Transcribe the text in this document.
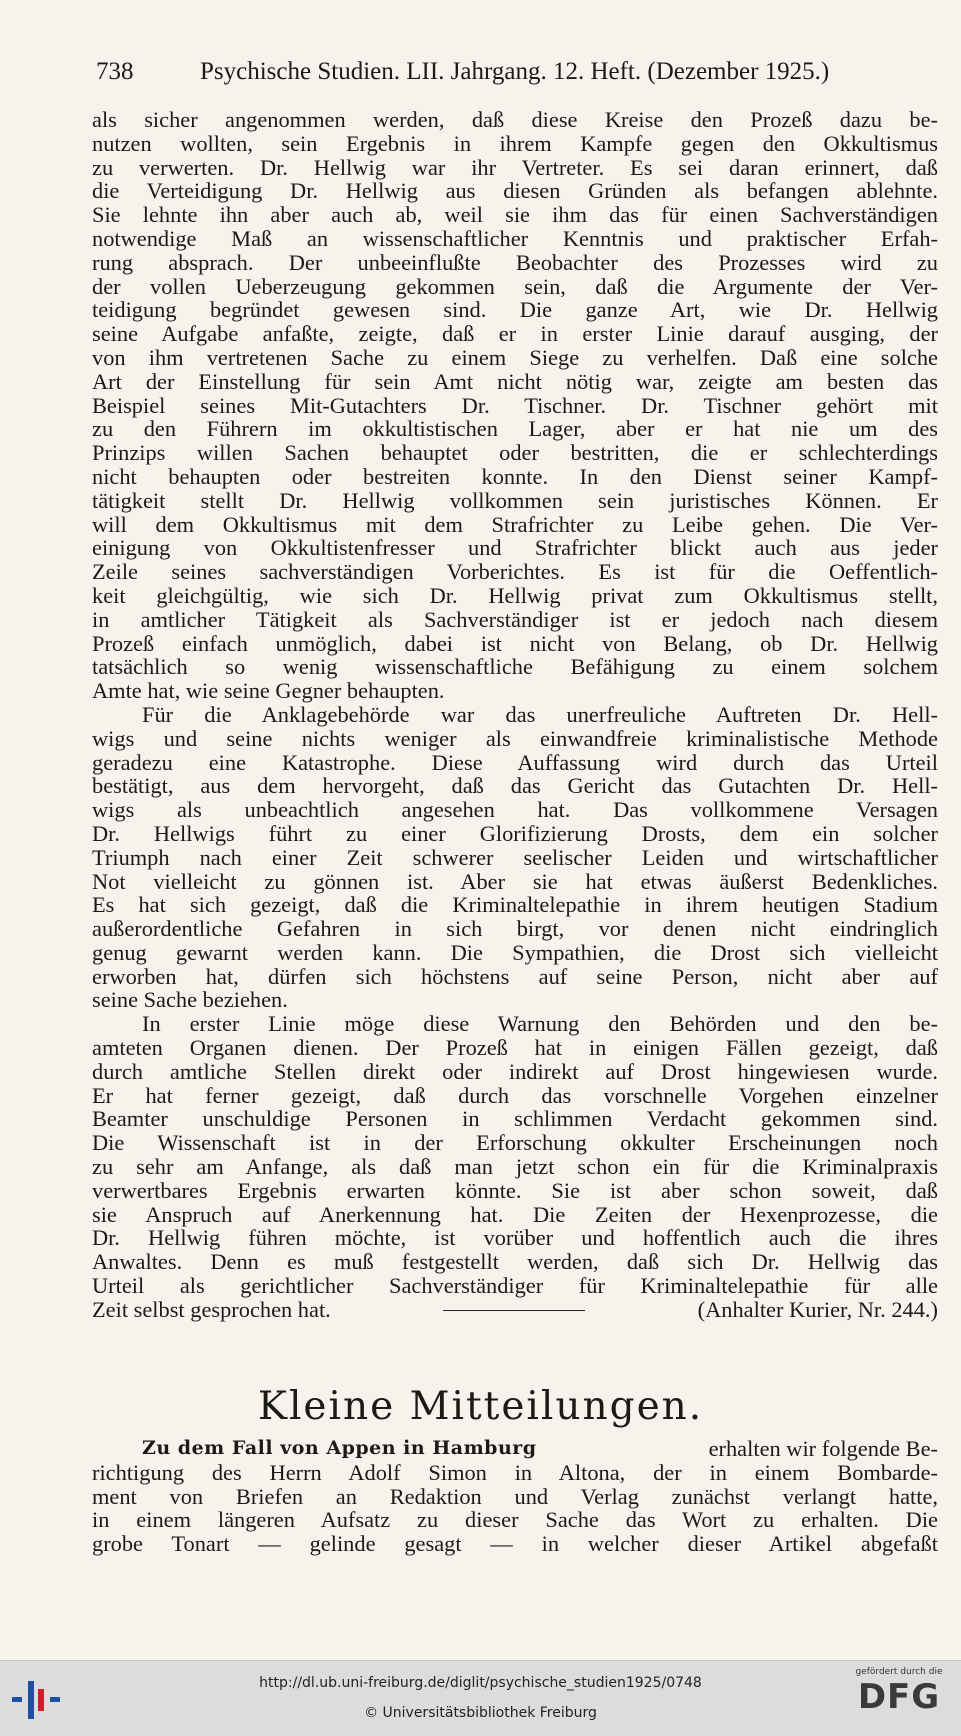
738	Psychische Studien. LII. Jahrgang. 12. Heft. (Dezember 1925.)
als sicher angenommen werden, daß diese Kreise den Prozeß dazu be-
nutzen wollten, sein Ergebnis in ihrem Kampfe gegen den Okkultismus
zu verwerten. Dr. Hellwig war ihr Vertreter. Es sei daran erinnert, daß
die Verteidigung Dr. Hellwig aus diesen Gründen als befangen ablehnte.
Sie lehnte ihn aber auch ab, weil sie ihm das für einen Sachverständigen
notwendige Maß an wissenschaftlicher Kenntnis und praktischer Erfah-
rung absprach. Der unbeeinflußte Beobachter des Prozesses wird zu
der vollen Ueberzeugung gekommen sein, daß die Argumente der Ver-
teidigung begründet gewesen sind. Die ganze Art, wie Dr. Hellwig
seine Aufgabe anfaßte, zeigte, daß er in erster Linie darauf ausging, der
von ihm vertretenen Sache zu einem Siege zu verhelfen. Daß eine solche
Art der Einstellung für sein Amt nicht nötig war, zeigte am besten das
Beispiel seines Mit-Gutachters Dr. Tischner. Dr. Tischner gehört mit
zu den Führern im okkultistischen Lager, aber er hat nie um des
Prinzips willen Sachen behauptet oder bestritten, die er schlechterdings
nicht behaupten oder bestreiten konnte. In den Dienst seiner Kampf-
tätigkeit stellt Dr. Hellwig vollkommen sein juristisches Können. Er
will dem Okkultismus mit dem Strafrichter zu Leibe gehen. Die Ver-
einigung von Okkultistenfresser und Strafrichter blickt auch aus jeder
Zeile seines sachverständigen Vorberichtes. Es ist für die Oeffentlich-
keit gleichgültig, wie sich Dr. Hellwig privat zum Okkultismus stellt,
in amtlicher Tätigkeit als Sachverständiger ist er jedoch nach diesem
Prozeß einfach unmöglich, dabei ist nicht von Belang, ob Dr. Hellwig
tatsächlich so wenig wissenschaftliche Befähigung zu einem solchem
Amte hat, wie seine Gegner behaupten.
Für die Anklagebehörde war das unerfreuliche Auftreten Dr. Hell-
wigs und seine nichts weniger als einwandfreie kriminalistische Methode
geradezu eine Katastrophe. Diese Auffassung wird durch das Urteil
bestätigt, aus dem hervorgeht, daß das Gericht das Gutachten Dr. Hell-
wigs als unbeachtlich angesehen hat. Das vollkommene Versagen
Dr. Hellwigs führt zu einer Glorifizierung Drosts, dem ein solcher
Triumph nach einer Zeit schwerer seelischer Leiden und wirtschaftlicher
Not vielleicht zu gönnen ist. Aber sie hat etwas äußerst Bedenkliches.
Es hat sich gezeigt, daß die Kriminaltelepathie in ihrem heutigen Stadium
außerordentliche Gefahren in sich birgt, vor denen nicht eindringlich
genug gewarnt werden kann. Die Sympathien, die Drost sich vielleicht
erworben hat, dürfen sich höchstens auf seine Person, nicht aber auf
seine Sache beziehen.
In erster Linie möge diese Warnung den Behörden und den be-
amteten Organen dienen. Der Prozeß hat in einigen Fällen gezeigt, daß
durch amtliche Stellen direkt oder indirekt auf Drost hingewiesen wurde.
Er hat ferner gezeigt, daß durch das vorschnelle Vorgehen einzelner
Beamter unschuldige Personen in schlimmen Verdacht gekommen sind.
Die Wissenschaft ist in der Erforschung okkulter Erscheinungen noch
zu sehr am Anfange, als daß man jetzt schon ein für die Kriminalpraxis
verwertbares Ergebnis erwarten könnte. Sie ist aber schon soweit, daß
sie Anspruch auf Anerkennung hat. Die Zeiten der Hexenprozesse, die
Dr. Hellwig führen möchte, ist vorüber und hoffentlich auch die ihres
Anwaltes. Denn es muß festgestellt werden, daß sich Dr. Hellwig das
Urteil als gerichtlicher Sachverständiger für Kriminaltelepathie für alle
Zeit selbst gesprochen hat.	(Anhalter Kurier, Nr. 244.)
Kleine Mitteilungen.
Zu dem Fall von Appen in Hamburg	erhalten wir folgende Be-
richtigung des Herrn Adolf Simon in Altona, der in einem Bombarde-
ment von Briefen an Redaktion und Verlag zunächst verlangt hatte,
in einem längeren Aufsatz zu dieser Sache das Wort zu erhalten. Die
grobe Tonart — gelinde gesagt — in welcher dieser Artikel abgefaßt
http://dl.ub.uni-freiburg.de/diglit/psychische_studien1925/0748
© Universitätsbibliothek Freiburg
gefördert durch die
DFG
